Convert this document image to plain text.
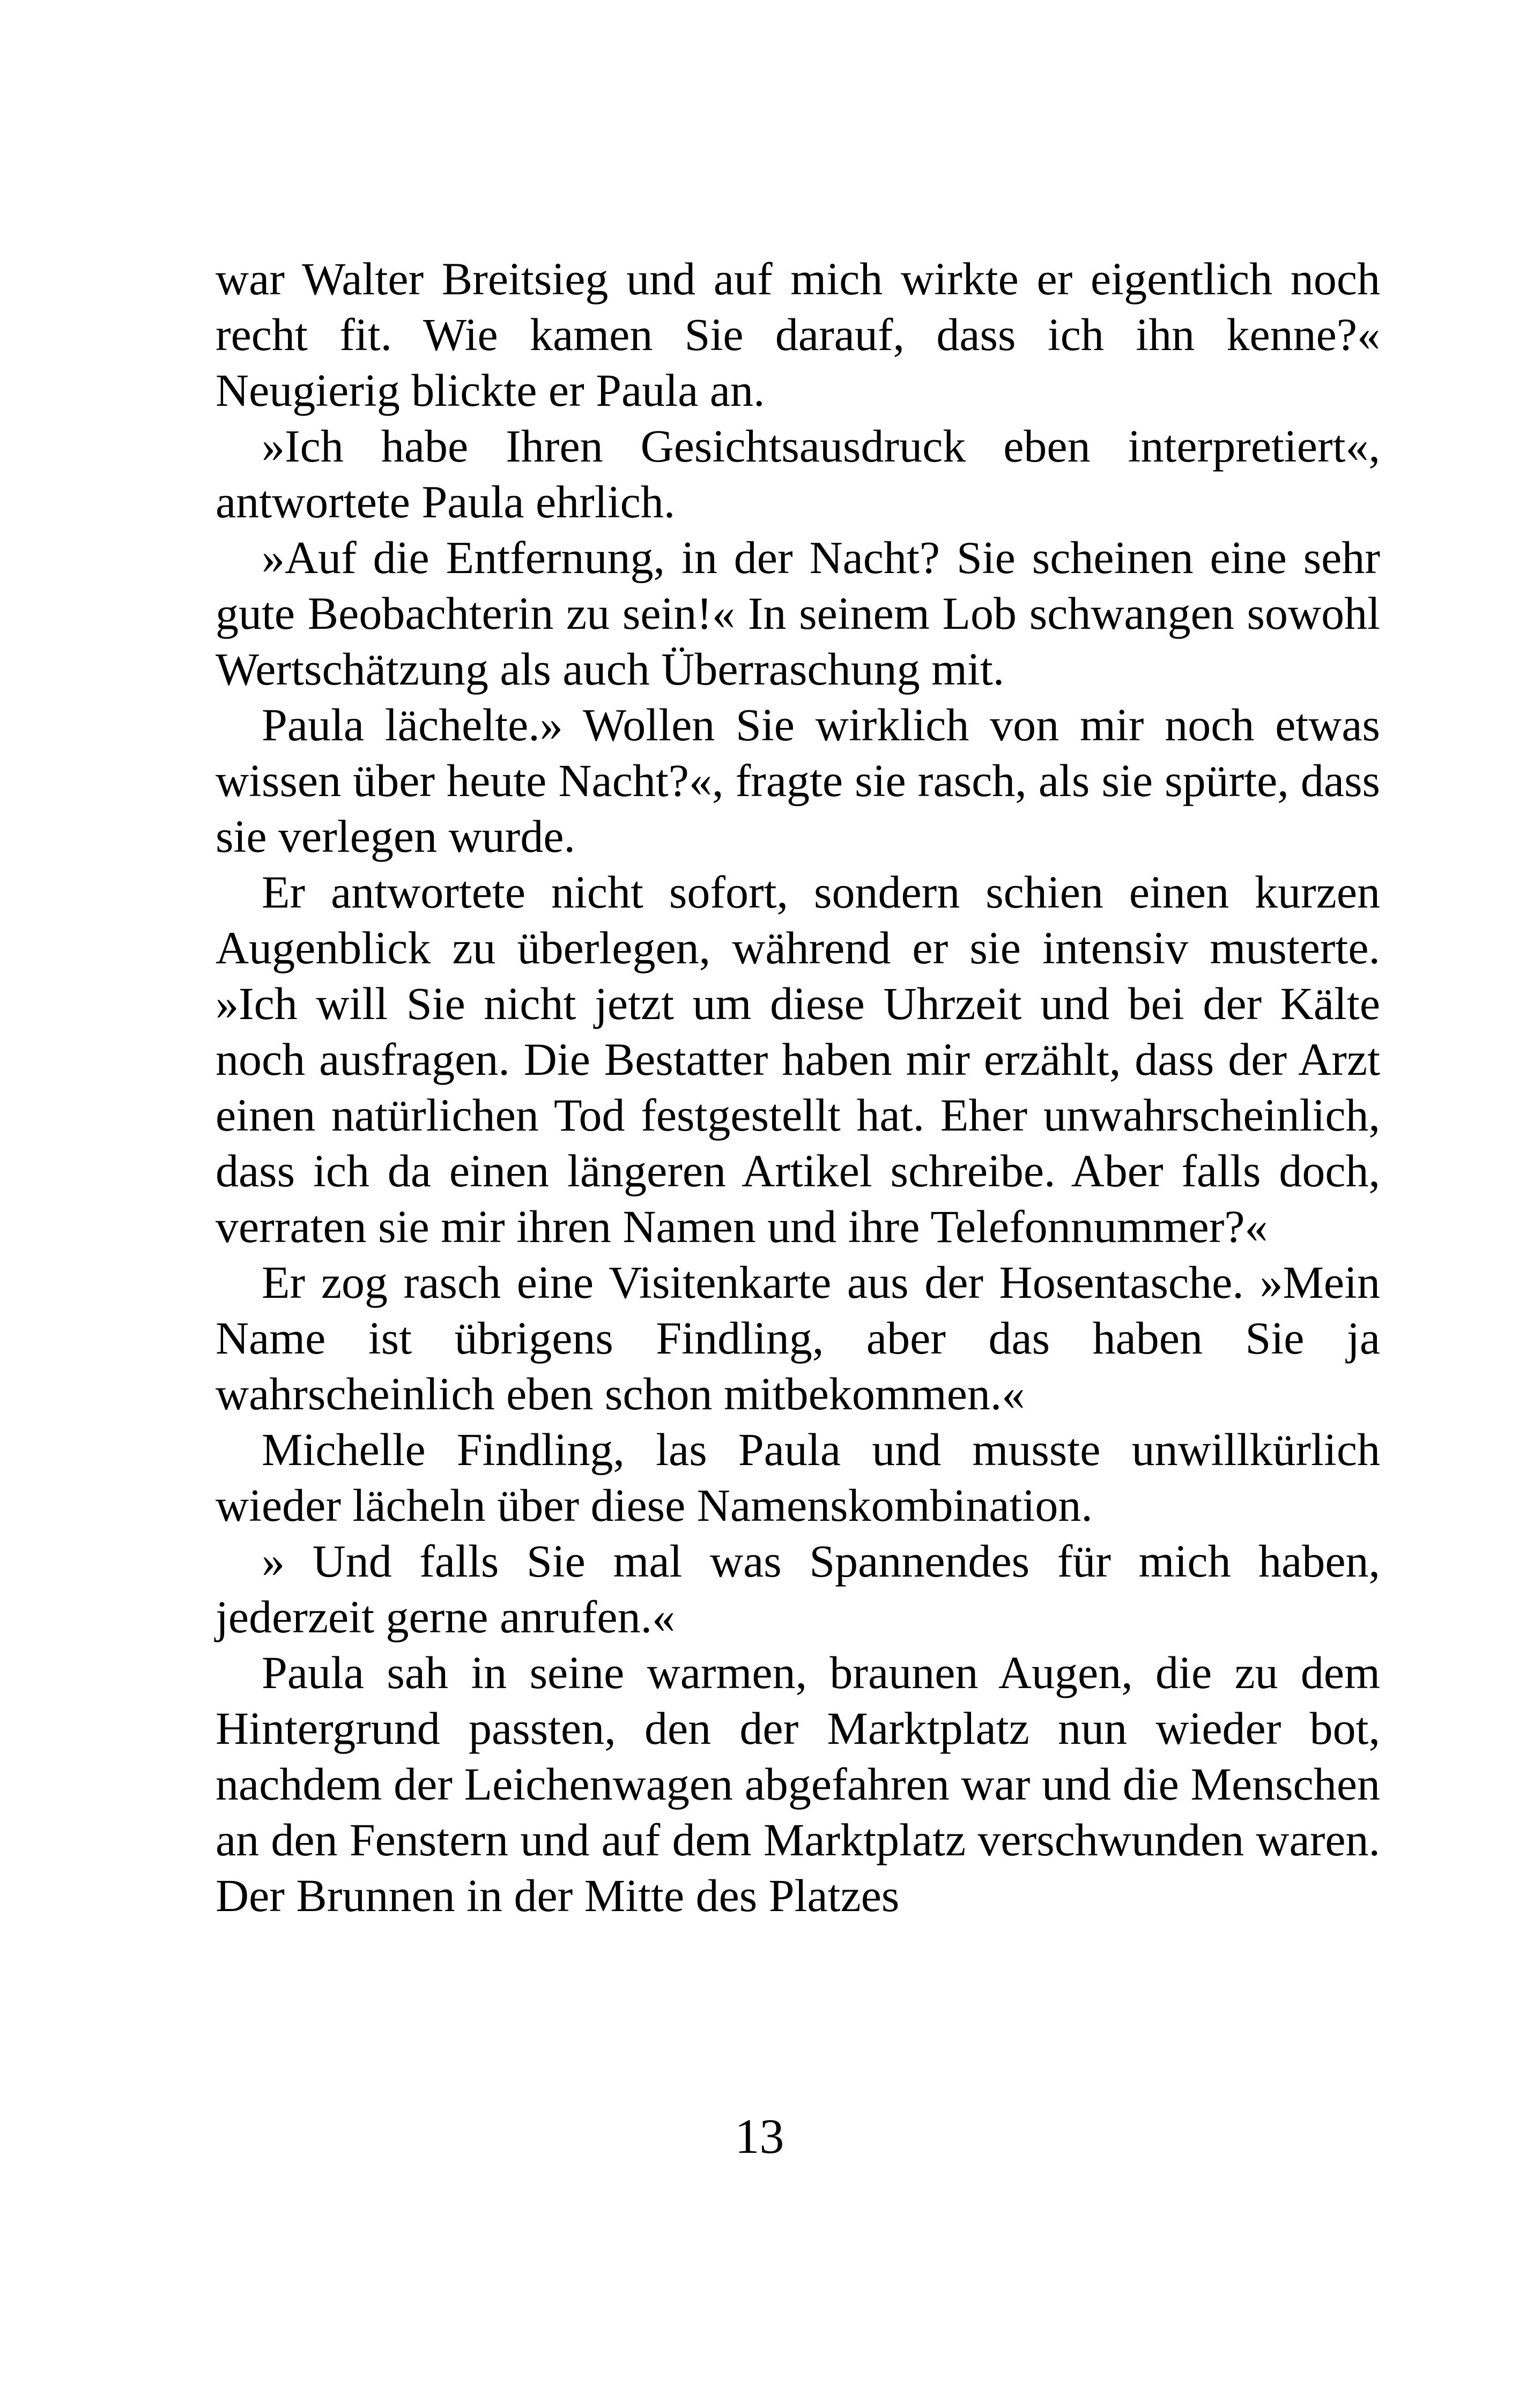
war Walter Breitsieg und auf mich wirkte er eigentlich noch recht fit. Wie kamen Sie darauf, dass ich ihn kenne?« Neugierig blickte er Paula an.

»Ich habe Ihren Gesichtsausdruck eben interpretiert«, antwortete Paula ehrlich.

»Auf die Entfernung, in der Nacht? Sie scheinen eine sehr gute Beobachterin zu sein!« In seinem Lob schwangen sowohl Wertschätzung als auch Überraschung mit.

Paula lächelte.» Wollen Sie wirklich von mir noch etwas wissen über heute Nacht?«, fragte sie rasch, als sie spürte, dass sie verlegen wurde.

Er antwortete nicht sofort, sondern schien einen kurzen Augenblick zu überlegen, während er sie intensiv musterte. »Ich will Sie nicht jetzt um diese Uhrzeit und bei der Kälte noch ausfragen. Die Bestatter haben mir erzählt, dass der Arzt einen natürlichen Tod festgestellt hat. Eher unwahrscheinlich, dass ich da einen längeren Artikel schreibe. Aber falls doch, verraten sie mir ihren Namen und ihre Telefonnummer?«

Er zog rasch eine Visitenkarte aus der Hosentasche. »Mein Name ist übrigens Findling, aber das haben Sie ja wahrscheinlich eben schon mitbekommen.«

Michelle Findling, las Paula und musste unwillkürlich wieder lächeln über diese Namenskombination.

» Und falls Sie mal was Spannendes für mich haben, jederzeit gerne anrufen.«

Paula sah in seine warmen, braunen Augen, die zu dem Hintergrund passten, den der Marktplatz nun wieder bot, nachdem der Leichenwagen abgefahren war und die Menschen an den Fenstern und auf dem Marktplatz verschwunden waren. Der Brunnen in der Mitte des Platzes

13
